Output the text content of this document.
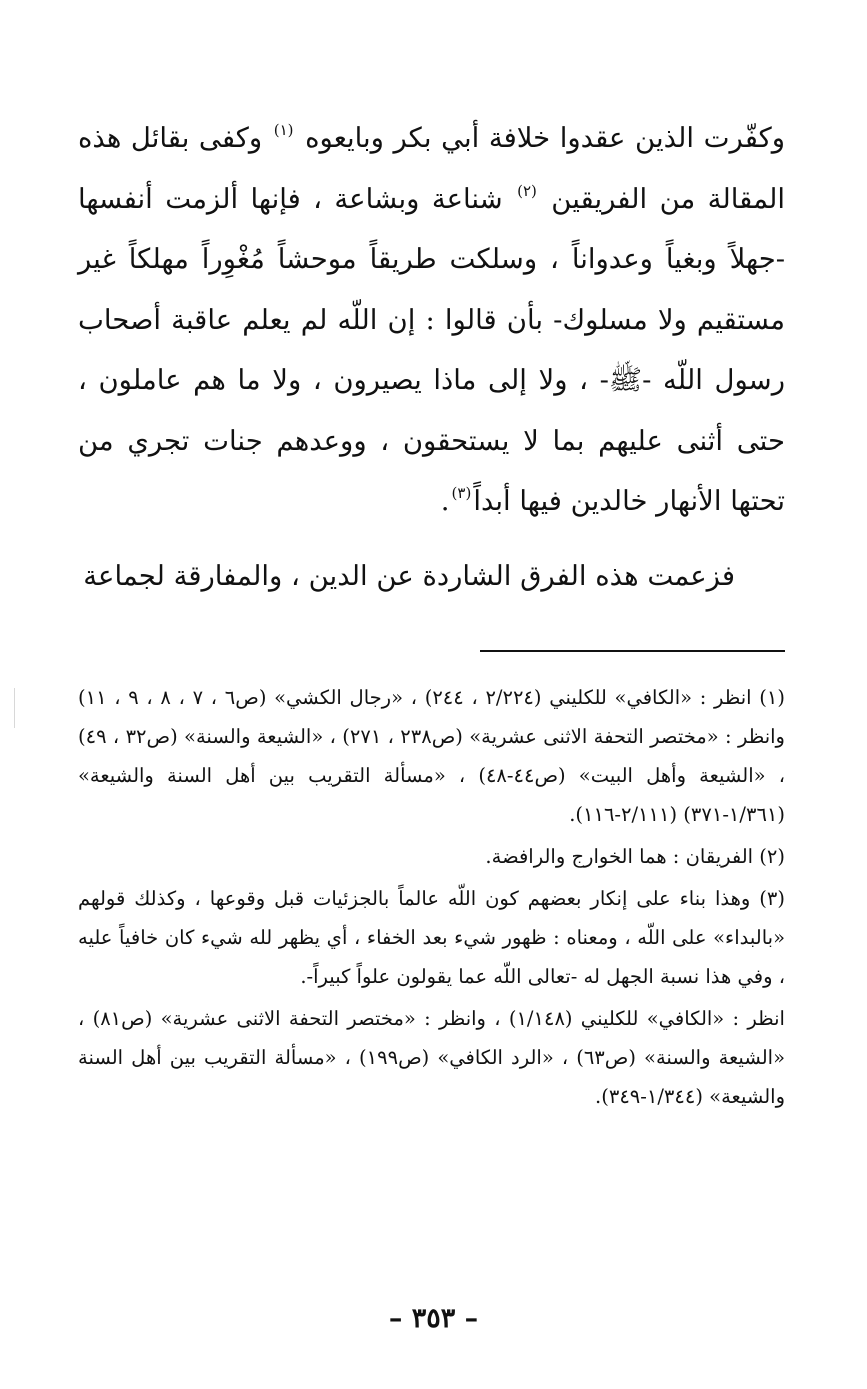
وكفّرت الذين عقدوا خلافة أبي بكر وبايعوه $^{(١)}$ وكفى بقائل هذه المقالة من الفريقين $^{(٢)}$ شناعة وبشاعة ، فإنها ألزمت أنفسها -جهلاً وبغياً وعدواناً ، وسلكت طريقاً موحشاً مُغْوِراً مهلكاً غير مستقيم ولا مسلوك- بأن قالوا : إن اللّه لم يعلم عاقبة أصحاب رسول اللّه -ﷺ- ، ولا إلى ماذا يصيرون ، ولا ما هم عاملون ، حتى أثنى عليهم بما لا يستحقون ، ووعدهم جنات تجري من تحتها الأنهار خالدين فيها أبداً$^{(٣)}$.

فزعمت هذه الفرق الشاردة عن الدين ، والمفارقة لجماعة

(١) انظر : «الكافي» للكليني (٢/٢٢٤ ، ٢٤٤) ، «رجال الكشي» (ص٦ ، ٧ ، ٨ ، ٩ ، ١١) وانظر : «مختصر التحفة الاثنى عشرية» (ص٢٣٨ ، ٢٧١) ، «الشيعة والسنة» (ص٣٢ ، ٤٩) ، «الشيعة وأهل البيت» (ص٤٤-٤٨) ، «مسألة التقريب بين أهل السنة والشيعة» (١/٣٦١-٣٧١) (٢/١١١-١١٦).

(٢) الفريقان : هما الخوارج والرافضة.

(٣) وهذا بناء على إنكار بعضهم كون اللّه عالماً بالجزئيات قبل وقوعها ، وكذلك قولهم «بالبداء» على اللّه ، ومعناه : ظهور شيء بعد الخفاء ، أي يظهر لله شيء كان خافياً عليه ، وفي هذا نسبة الجهل له -تعالى اللّه عما يقولون علواً كبيراً-.

انظر : «الكافي» للكليني (١/١٤٨) ، وانظر : «مختصر التحفة الاثنى عشرية» (ص٨١) ، «الشيعة والسنة» (ص٦٣) ، «الرد الكافي» (ص١٩٩) ، «مسألة التقريب بين أهل السنة والشيعة» (١/٣٤٤-٣٤٩).

– ٣٥٣ –
